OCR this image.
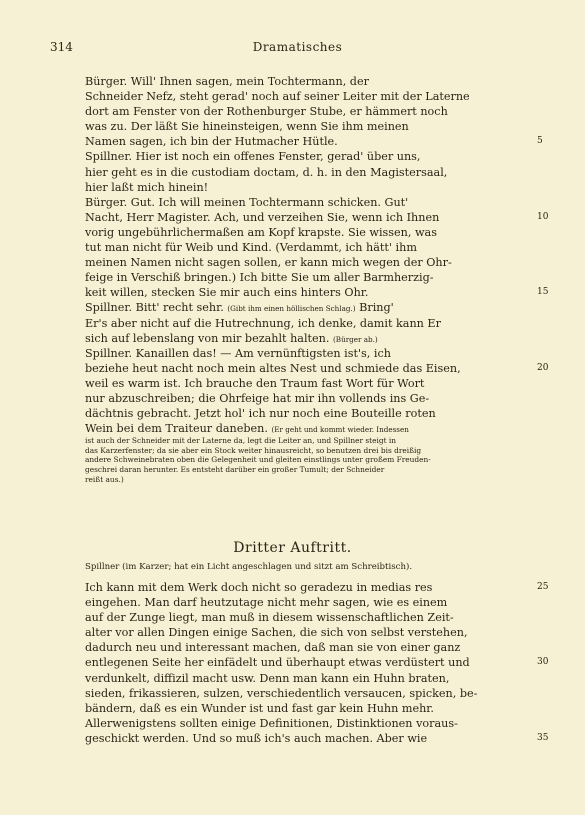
314	Dramatisches
Bürger. Will' Ihnen sagen, mein Tochtermann, der
Schneider Nefz, steht gerad' noch auf seiner Leiter mit der Laterne
dort am Fenster von der Rothenburger Stube, er hämmert noch
was zu. Der läßt Sie hineinsteigen, wenn Sie ihm meinen
Namen sagen, ich bin der Hutmacher Hütle.	5
Spillner. Hier ist noch ein offenes Fenster, gerad' über uns,
hier geht es in die custodiam doctam, d. h. in den Magistersaal,
hier laßt mich hinein!
Bürger. Gut. Ich will meinen Tochtermann schicken. Gut'
Nacht, Herr Magister. Ach, und verzeihen Sie, wenn ich Ihnen	10
vorig ungebührlichermaßen am Kopf krapste. Sie wissen, was
tut man nicht für Weib und Kind. (Verdammt, ich hätt' ihm
meinen Namen nicht sagen sollen, er kann mich wegen der Ohr-
feige in Verschiß bringen.) Ich bitte Sie um aller Barmherzig-
keit willen, stecken Sie mir auch eins hinters Ohr.	15
Spillner. Bitt' recht sehr. (Gibt ihm einen höllischen Schlag.) Bring'
Er's aber nicht auf die Hutrechnung, ich denke, damit kann Er
sich auf lebenslang von mir bezahlt halten. (Bürger ab.)
Spillner. Kanaillen das! — Am vernünftigsten ist's, ich
beziehe heut nacht noch mein altes Nest und schmiede das Eisen,	20
weil es warm ist. Ich brauche den Traum fast Wort für Wort
nur abzuschreiben; die Ohrfeige hat mir ihn vollends ins Ge-
dächtnis gebracht. Jetzt hol' ich nur noch eine Bouteille roten
Wein bei dem Traiteur daneben. (Er geht und kommt wieder. Indessen
ist auch der Schneider mit der Laterne da, legt die Leiter an, und Spillner steigt in
das Karzerfenster; da sie aber ein Stock weiter hinausreicht, so benutzen drei bis dreißig
andere Schweinebraten oben die Gelegenheit und gleiten einstlings unter großem Freuden-
geschrei daran herunter. Es entsteht darüber ein großer Tumult; der Schneider
reißt aus.)
Dritter Auftritt.
Spillner (im Karzer; hat ein Licht angeschlagen und sitzt am Schreibtisch).
Ich kann mit dem Werk doch nicht so geradezu in medias res	25
eingehen. Man darf heutzutage nicht mehr sagen, wie es einem
auf der Zunge liegt, man muß in diesem wissenschaftlichen Zeit-
alter vor allen Dingen einige Sachen, die sich von selbst verstehen,
dadurch neu und interessant machen, daß man sie von einer ganz
entlegenen Seite her einfädelt und überhaupt etwas verdüstert und	30
verdunkelt, diffizil macht usw. Denn man kann ein Huhn braten,
sieden, frikassieren, sulzen, verschiedentlich versaucen, spicken, be-
bändern, daß es ein Wunder ist und fast gar kein Huhn mehr.
Allerwenigstens sollten einige Definitionen, Distinktionen voraus-
geschickt werden. Und so muß ich's auch machen. Aber wie	35
